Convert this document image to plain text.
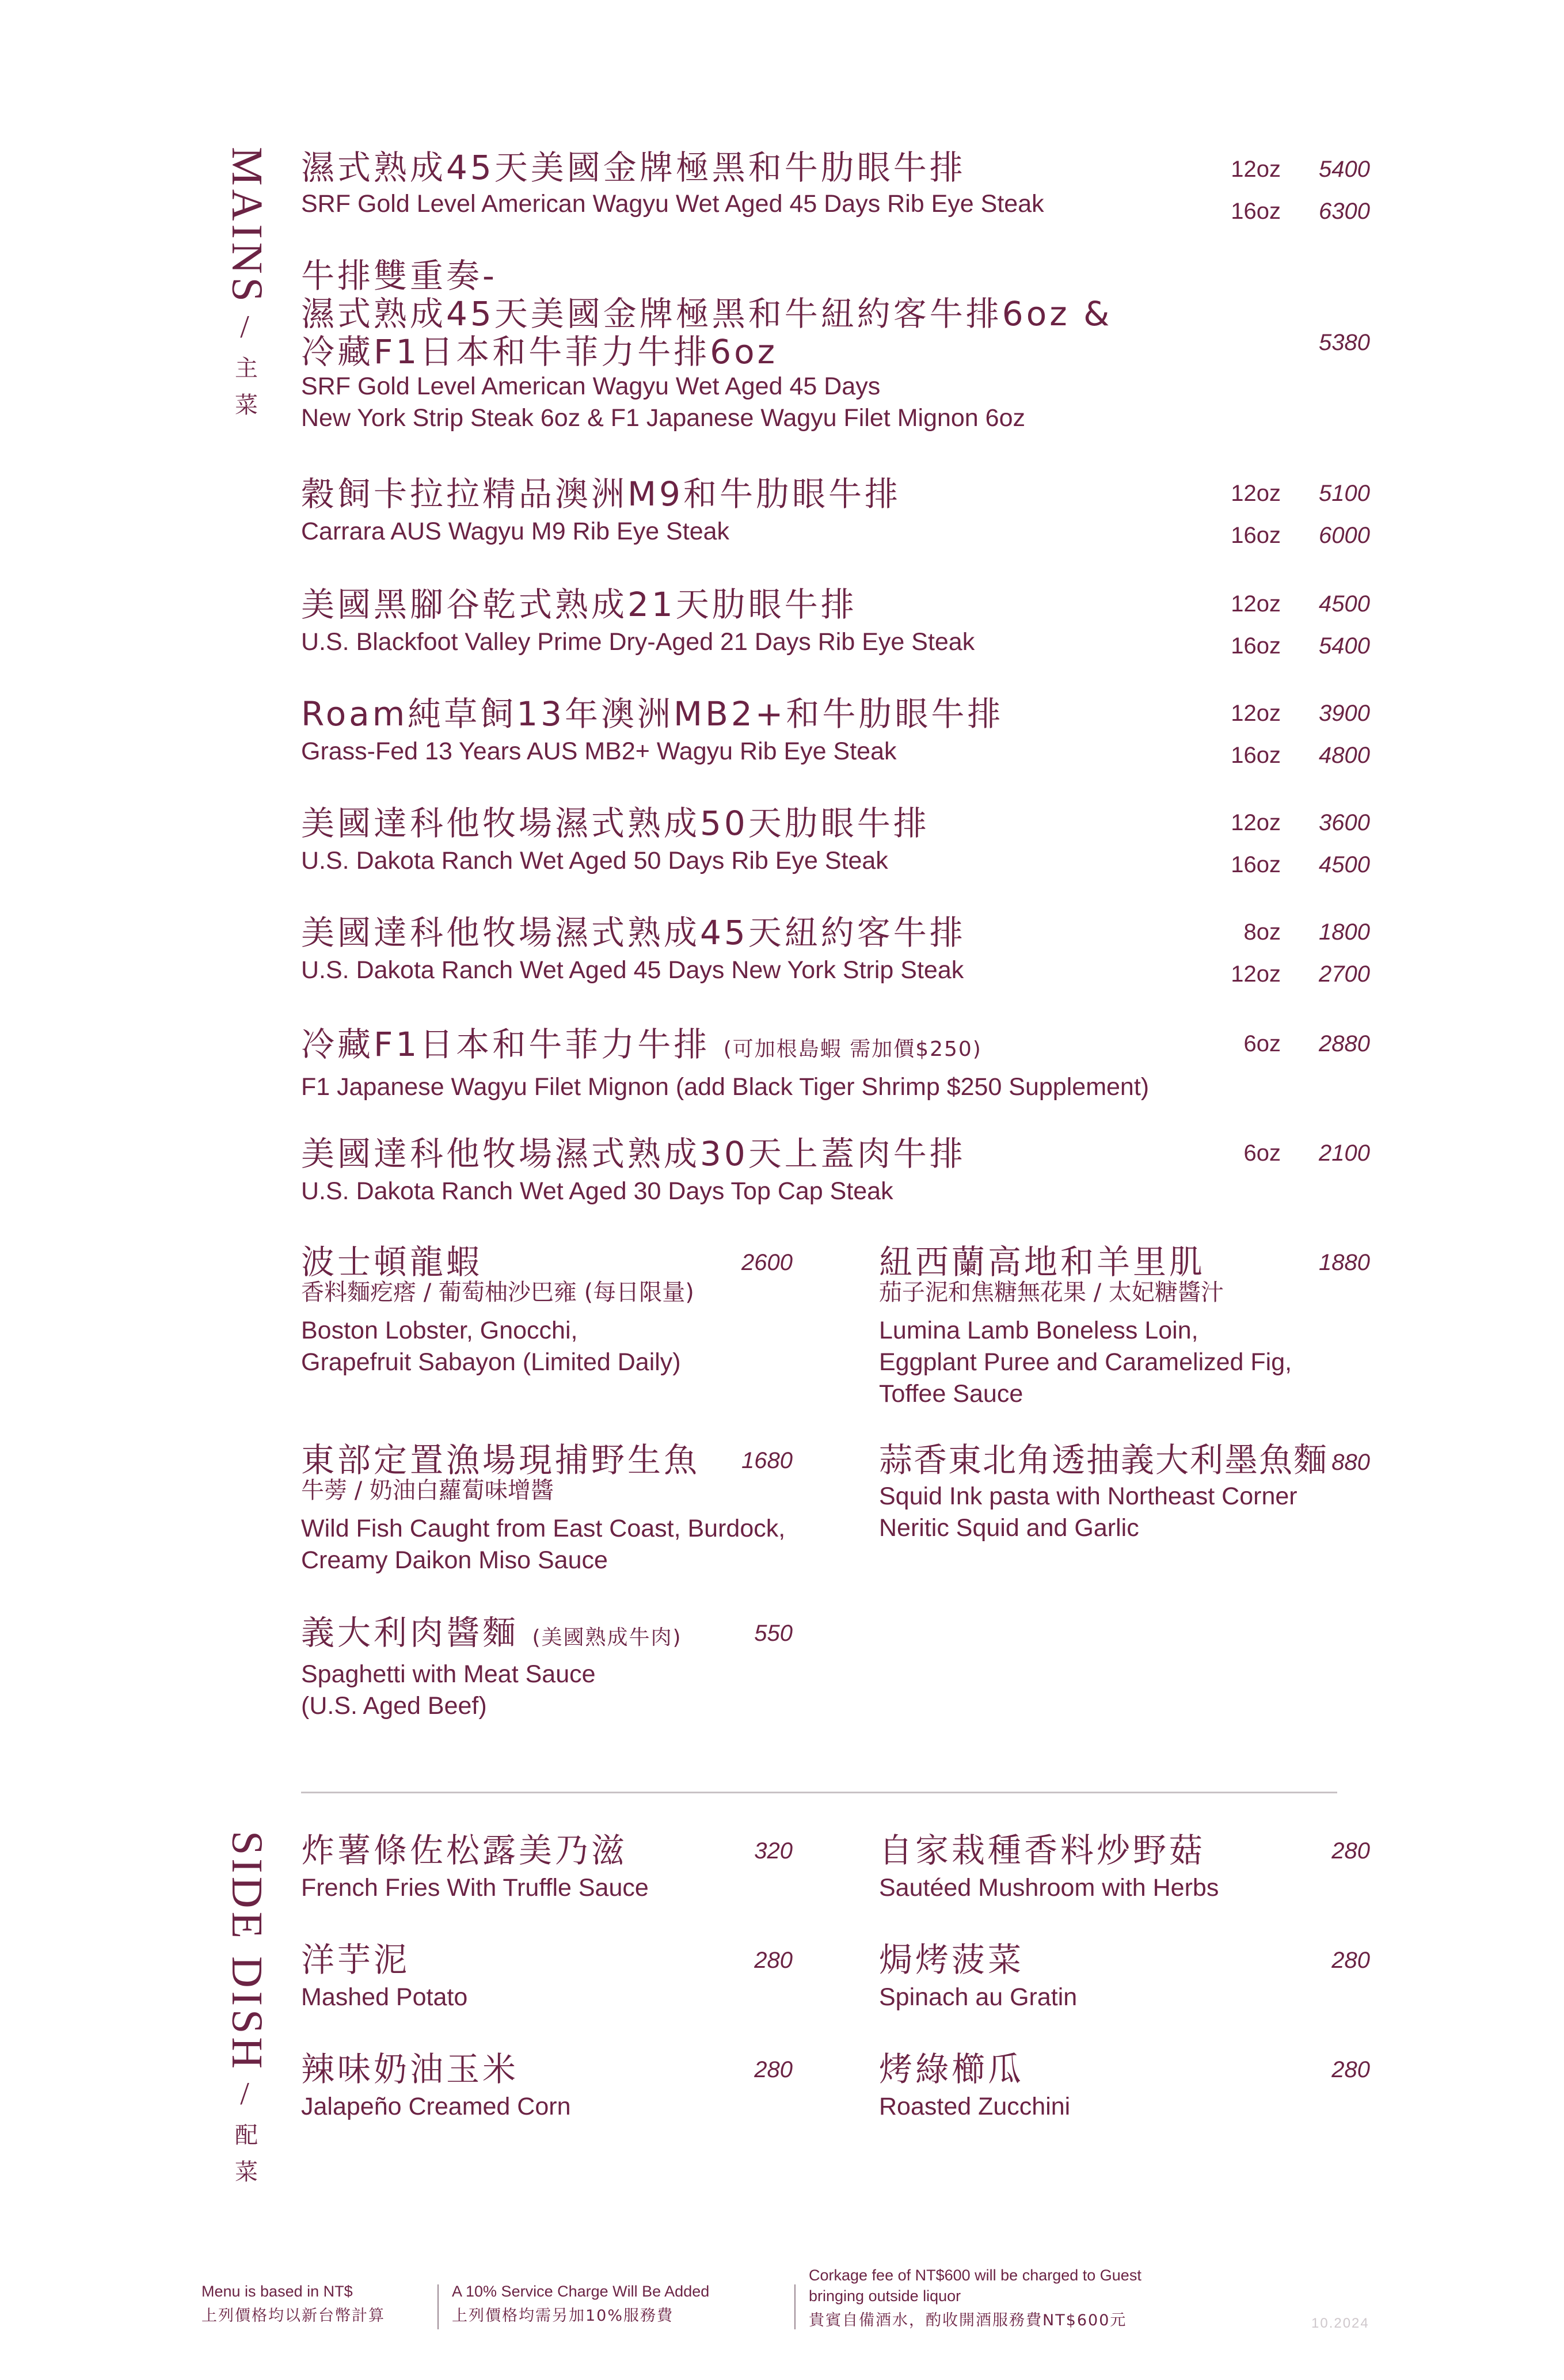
MAINS
/
主菜
SIDE DISH
/
配菜
濕式熟成45天美國金牌極黑和牛肋眼牛排
SRF Gold Level American Wagyu Wet Aged 45 Days Rib Eye Steak
12oz	5400
16oz	6300
牛排雙重奏-
濕式熟成45天美國金牌極黑和牛紐約客牛排6oz &
冷藏F1日本和牛菲力牛排6oz
SRF Gold Level American Wagyu Wet Aged 45 Days
New York Strip Steak 6oz & F1 Japanese Wagyu Filet Mignon 6oz
5380
穀飼卡拉拉精品澳洲M9和牛肋眼牛排
Carrara AUS Wagyu M9 Rib Eye Steak
12oz	5100
16oz	6000
美國黑腳谷乾式熟成21天肋眼牛排
U.S. Blackfoot Valley Prime Dry-Aged 21 Days Rib Eye Steak
12oz	4500
16oz	5400
Roam純草飼13年澳洲MB2+和牛肋眼牛排
Grass-Fed 13 Years AUS MB2+ Wagyu Rib Eye Steak
12oz	3900
16oz	4800
美國達科他牧場濕式熟成50天肋眼牛排
U.S. Dakota Ranch Wet Aged 50 Days Rib Eye Steak
12oz	3600
16oz	4500
美國達科他牧場濕式熟成45天紐約客牛排
U.S. Dakota Ranch Wet Aged 45 Days New York Strip Steak
8oz	1800
12oz	2700
冷藏F1日本和牛菲力牛排 (可加根島蝦 需加價$250)
F1 Japanese Wagyu Filet Mignon (add Black Tiger Shrimp $250 Supplement)
6oz	2880
美國達科他牧場濕式熟成30天上蓋肉牛排
U.S. Dakota Ranch Wet Aged 30 Days Top Cap Steak
6oz	2100
波士頓龍蝦
香料麵疙瘩 / 葡萄柚沙巴雍 (每日限量)
Boston Lobster, Gnocchi,
Grapefruit Sabayon (Limited Daily)
2600	紐西蘭高地和羊里肌
茄子泥和焦糖無花果 / 太妃糖醬汁
Lumina Lamb Boneless Loin,
Eggplant Puree and Caramelized Fig,
Toffee Sauce
1880
東部定置漁場現捕野生魚
牛蒡 / 奶油白蘿蔔味增醬
Wild Fish Caught from East Coast, Burdock,
Creamy Daikon Miso Sauce
1680	蒜香東北角透抽義大利墨魚麵
Squid Ink pasta with Northeast Corner
Neritic Squid and Garlic
880
義大利肉醬麵 (美國熟成牛肉)
Spaghetti with Meat Sauce
(U.S. Aged Beef)
550
炸薯條佐松露美乃滋
French Fries With Truffle Sauce
320	自家栽種香料炒野菇
Sautéed Mushroom with Herbs
280
洋芋泥
Mashed Potato
280	焗烤菠菜
Spinach au Gratin
280
辣味奶油玉米
Jalapeño Creamed Corn
280	烤綠櫛瓜
Roasted Zucchini
280
Menu is based in NT$
上列價格均以新台幣計算
A 10% Service Charge Will Be Added
上列價格均需另加10%服務費
Corkage fee of NT$600 will be charged to Guest
bringing outside liquor
貴賓自備酒水，酌收開酒服務費NT$600元	10.2024
